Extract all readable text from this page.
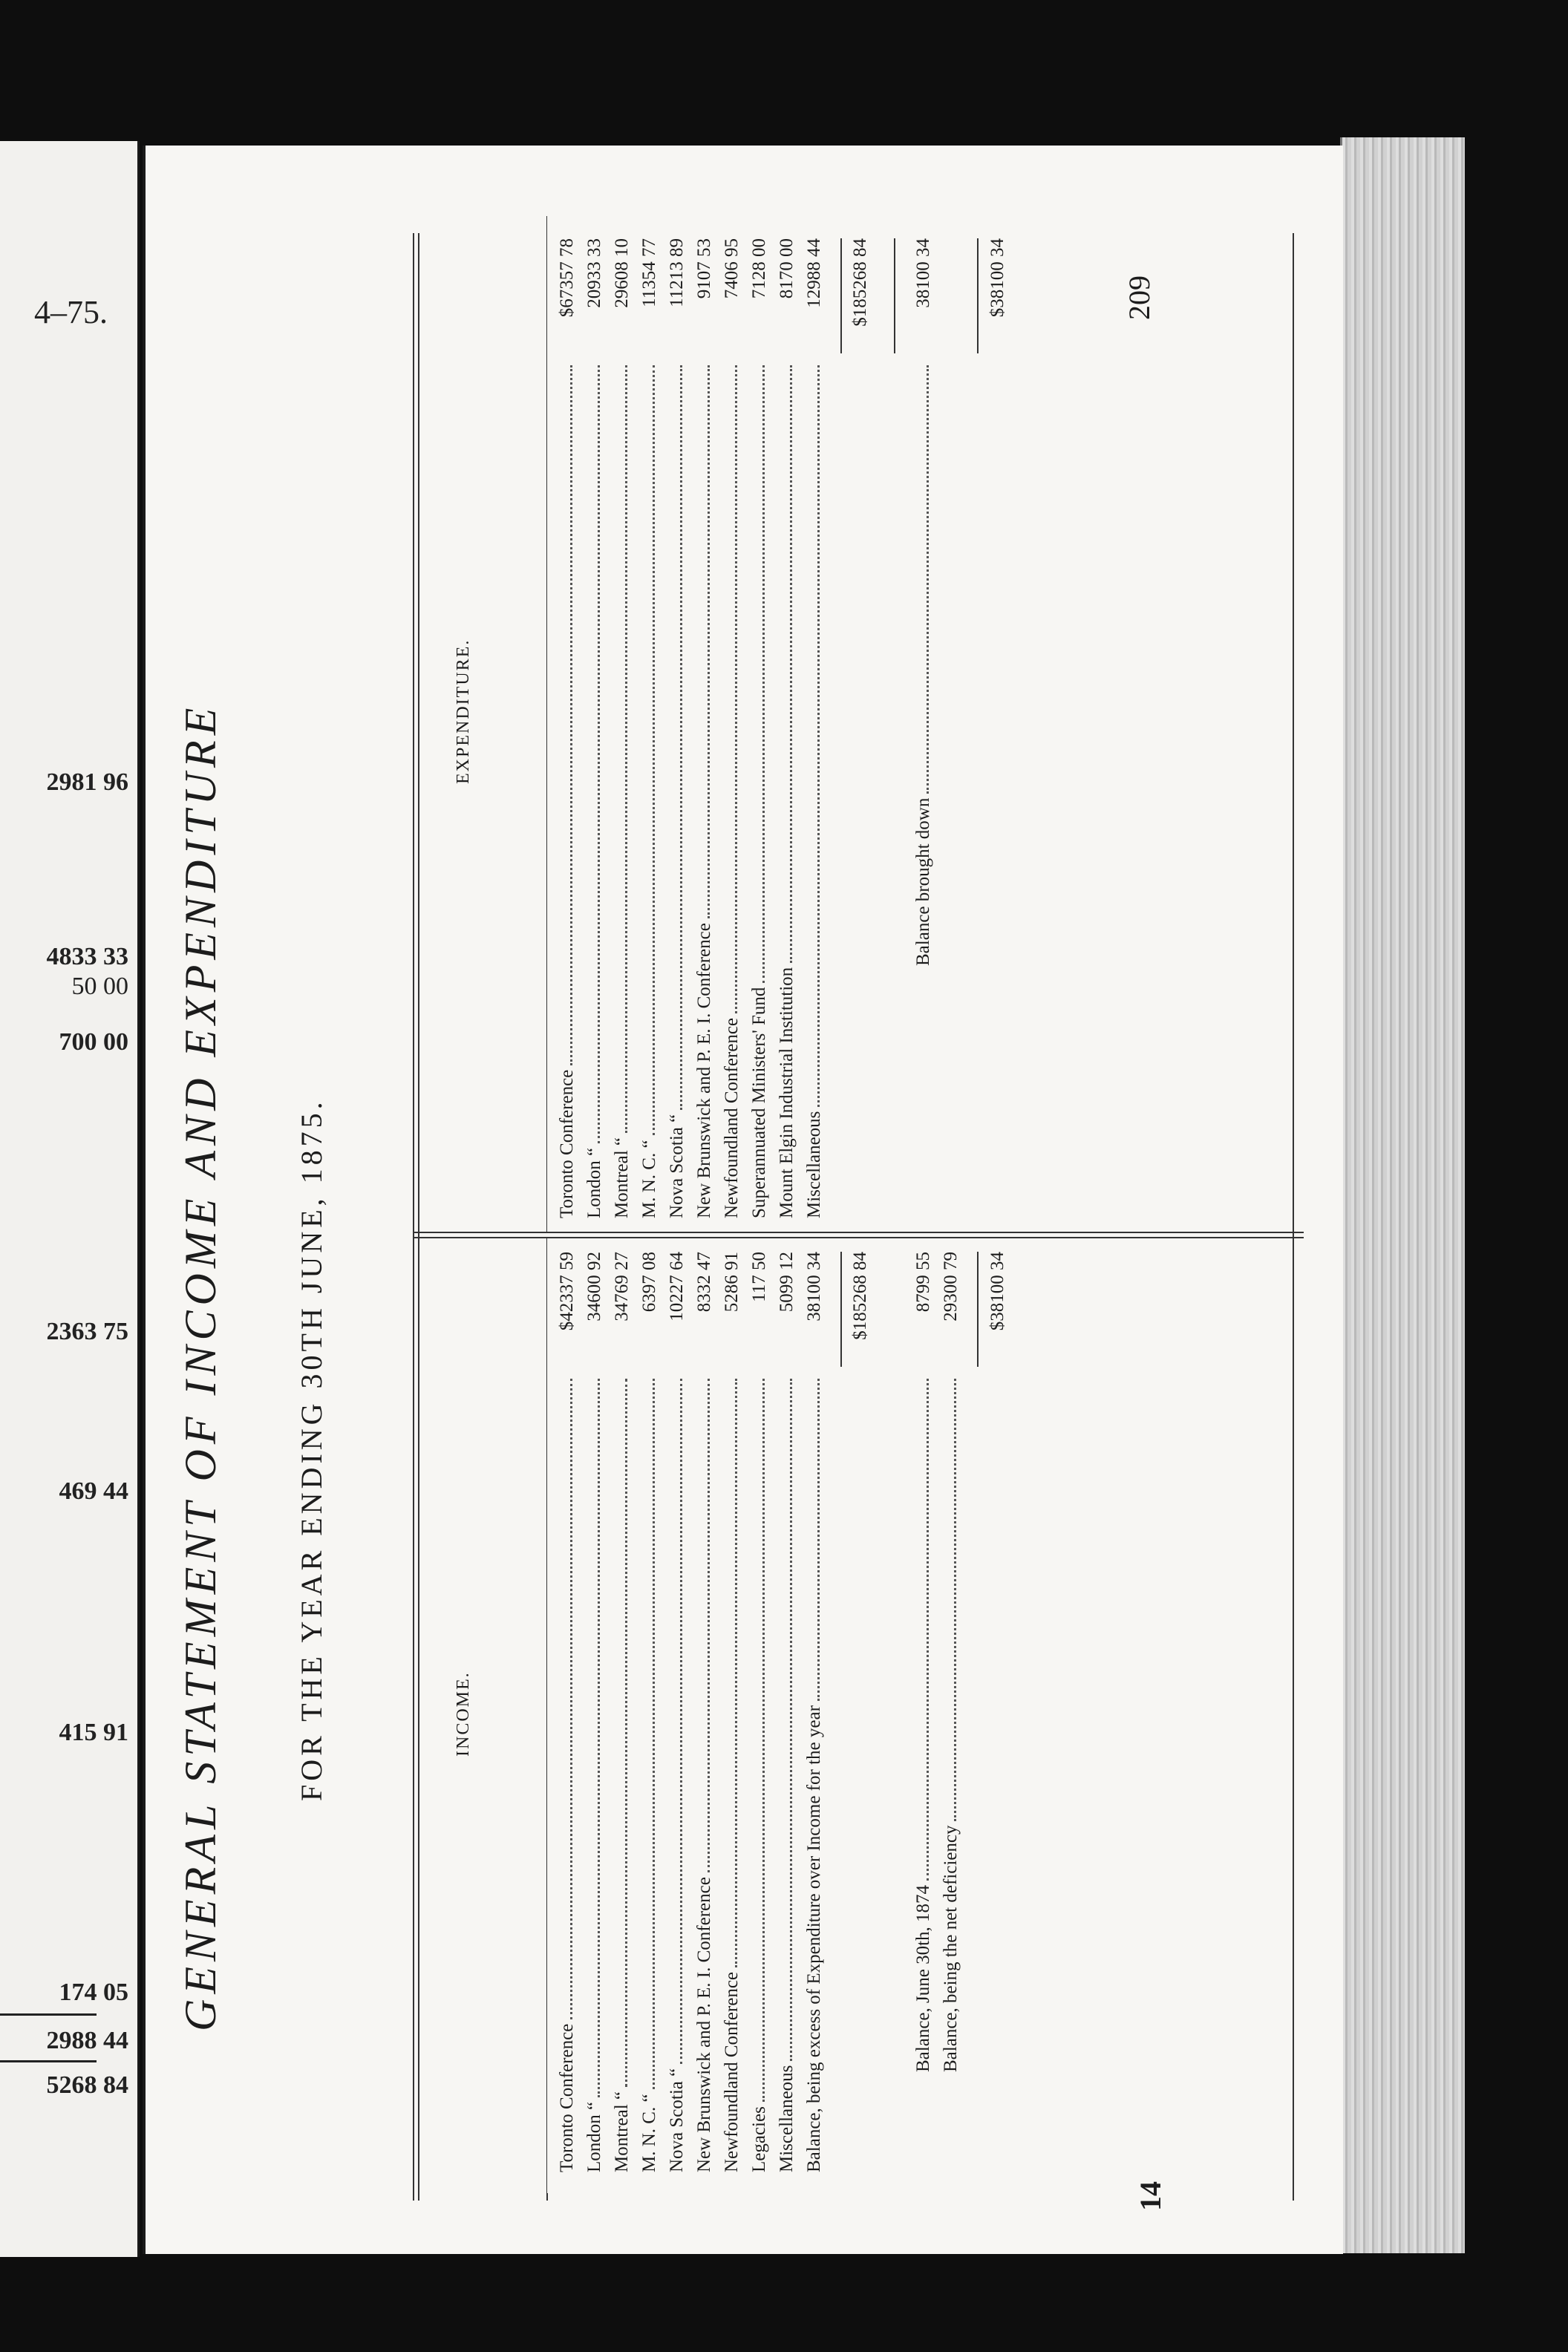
4–75.
2981 96
4833 33
50 00
700 00
2363 75
469 44
415 91
174 05
2988 44
5268 84
14
209
GENERAL STATEMENT OF INCOME AND EXPENDITURE FOR THE YEAR ENDING 30TH JUNE, 1875.	INCOME.
EXPENDITURE.
Toronto Conference
$42337 59
London “
34600 92
Montreal “
34769 27
M. N. C. “
6397 08
Nova Scotia “
10227 64
New Brunswick and P. E. I. Conference
8332 47
Newfoundland Conference
5286 91
Legacies
117 50
Miscellaneous
5099 12
Balance, being excess of Expenditure over Income for the year
38100 34 $185268 84
Balance, June 30th, 1874
8799 55
Balance, being the net deficiency
29300 79 $38100 34
Toronto Conference
$67357 78
London “
20933 33
Montreal “
29608 10
M. N. C. “
11354 77
Nova Scotia “
11213 89
New Brunswick and P. E. I. Conference
9107 53
Newfoundland Conference
7406 95
Superannuated Ministers' Fund
7128 00
Mount Elgin Industrial Institution
8170 00
Miscellaneous
12988 44 $185268 84
Balance brought down
38100 34	$38100 34
